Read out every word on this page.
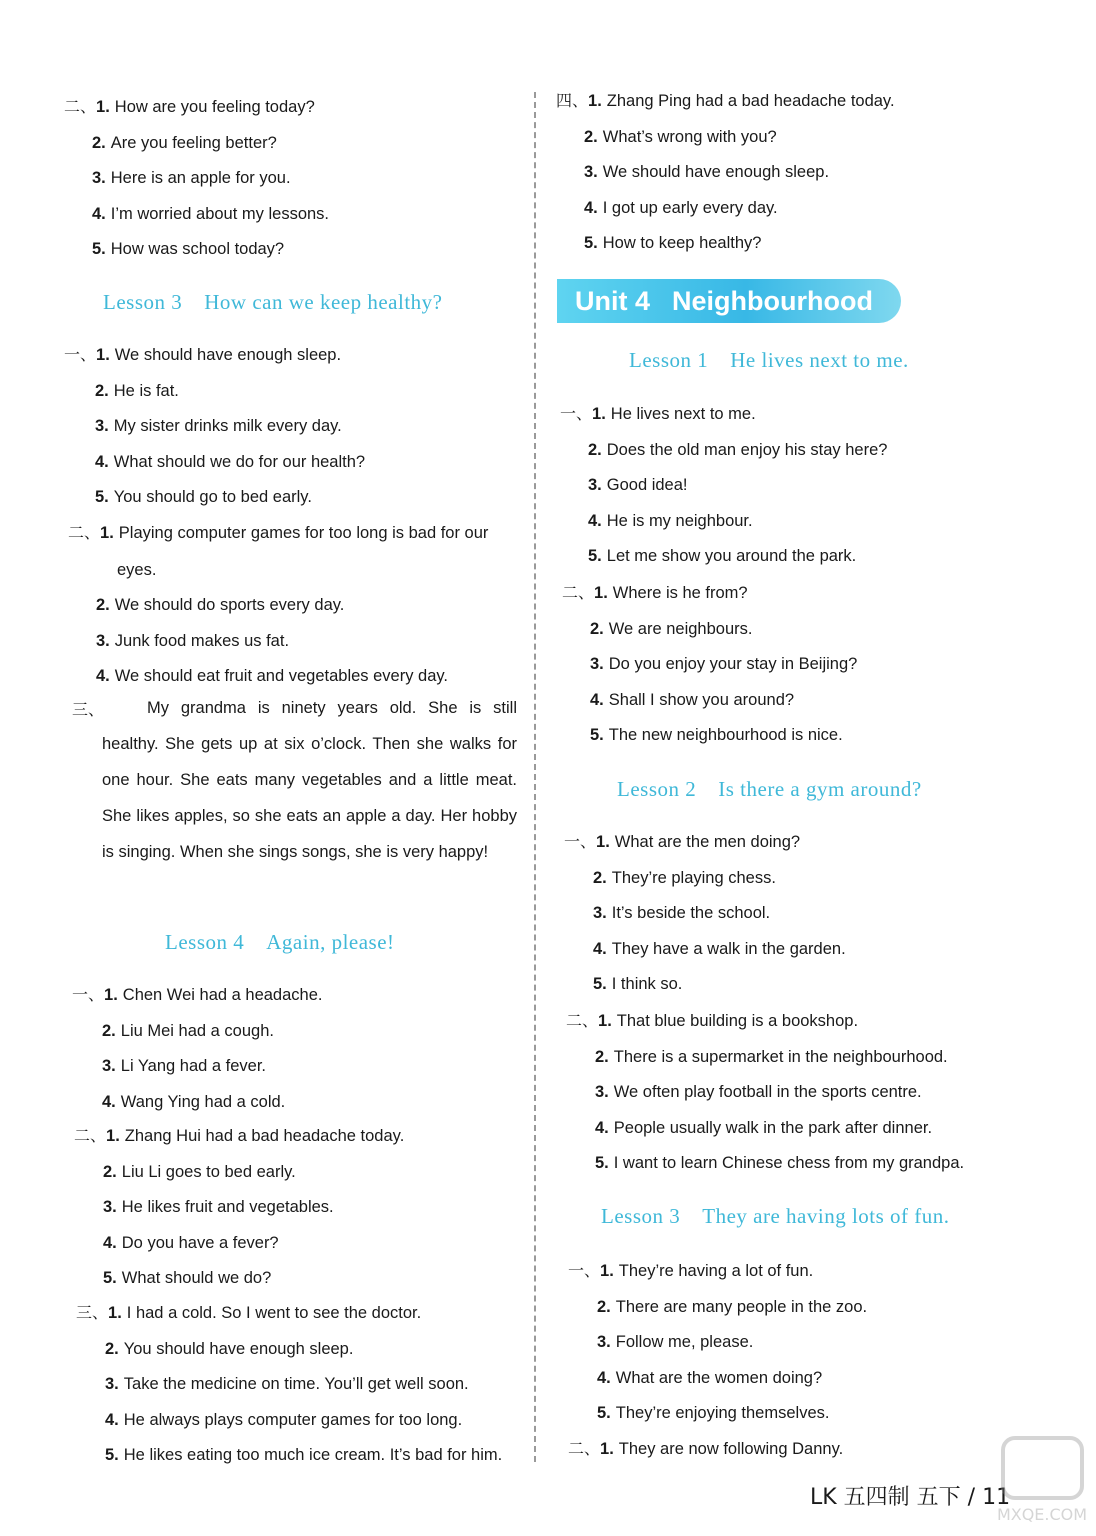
二、1. How are you feeling today?
2. Are you feeling better?
3. Here is an apple for you.
4. I’m worried about my lessons.
5. How was school today?
Lesson 3 How can we keep healthy?
一、1. We should have enough sleep.
2. He is fat.
3. My sister drinks milk every day.
4. What should we do for our health?
5. You should go to bed early.
二、1. Playing computer games for too long is bad for our
eyes.
2. We should do sports every day.
3. Junk food makes us fat.
4. We should eat fruit and vegetables every day.
三、	My grandma is ninety years old. She is still healthy. She gets up at six o’clock. Then she walks for one hour. She eats many vegetables and a little meat. She likes apples, so she eats an apple a day. Her hobby is singing. When she sings songs, she is very happy!
Lesson 4 Again, please!
一、1. Chen Wei had a headache.
2. Liu Mei had a cough.
3. Li Yang had a fever.
4. Wang Ying had a cold.
二、1. Zhang Hui had a bad headache today.
2. Liu Li goes to bed early.
3. He likes fruit and vegetables.
4. Do you have a fever?
5. What should we do?
三、1. I had a cold. So I went to see the doctor.
2. You should have enough sleep.
3. Take the medicine on time. You’ll get well soon.
4. He always plays computer games for too long.
5. He likes eating too much ice cream. It’s bad for him.
四、1. Zhang Ping had a bad headache today.
2. What’s wrong with you?
3. We should have enough sleep.
4. I got up early every day.
5. How to keep healthy?
Lesson 1 He lives next to me.
一、1. He lives next to me.
2. Does the old man enjoy his stay here?
3. Good idea!
4. He is my neighbour.
5. Let me show you around the park.
二、1. Where is he from?
2. We are neighbours.
3. Do you enjoy your stay in Beijing?
4. Shall I show you around?
5. The new neighbourhood is nice.
Lesson 2 Is there a gym around?
一、1. What are the men doing?
2. They’re playing chess.
3. It’s beside the school.
4. They have a walk in the garden.
5. I think so.
二、1. That blue building is a bookshop.
2. There is a supermarket in the neighbourhood.
3. We often play football in the sports centre.
4. People usually walk in the park after dinner.
5. I want to learn Chinese chess from my grandpa.
Lesson 3 They are having lots of fun.
一、1. They’re having a lot of fun.
2. There are many people in the zoo.
3. Follow me, please.
4. What are the women doing?
5. They’re enjoying themselves.
二、1. They are now following Danny.
Unit 4 Neighbourhood
LK 五四制 五下 / 11
MXQE.COM
